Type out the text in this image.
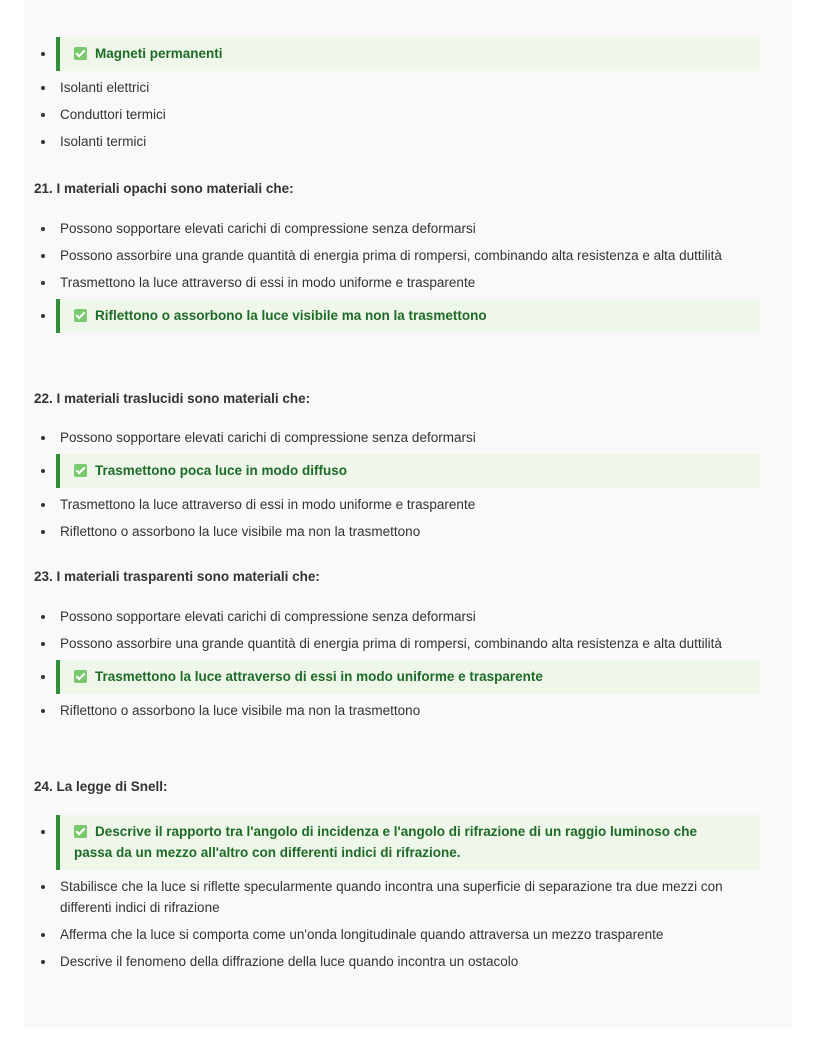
Magneti permanenti
Isolanti elettrici
Conduttori termici
Isolanti termici
21. I materiali opachi sono materiali che:
Possono sopportare elevati carichi di compressione senza deformarsi
Possono assorbire una grande quantità di energia prima di rompersi, combinando alta resistenza e alta duttilità
Trasmettono la luce attraverso di essi in modo uniforme e trasparente
Riflettono o assorbono la luce visibile ma non la trasmettono
22. I materiali traslucidi sono materiali che:
Possono sopportare elevati carichi di compressione senza deformarsi
Trasmettono poca luce in modo diffuso
Trasmettono la luce attraverso di essi in modo uniforme e trasparente
Riflettono o assorbono la luce visibile ma non la trasmettono
23. I materiali trasparenti sono materiali che:
Possono sopportare elevati carichi di compressione senza deformarsi
Possono assorbire una grande quantità di energia prima di rompersi, combinando alta resistenza e alta duttilità
Trasmettono la luce attraverso di essi in modo uniforme e trasparente
Riflettono o assorbono la luce visibile ma non la trasmettono
24. La legge di Snell:
Descrive il rapporto tra l'angolo di incidenza e l'angolo di rifrazione di un raggio luminoso che passa da un mezzo all'altro con differenti indici di rifrazione.
Stabilisce che la luce si riflette specularmente quando incontra una superficie di separazione tra due mezzi con differenti indici di rifrazione
Afferma che la luce si comporta come un'onda longitudinale quando attraversa un mezzo trasparente
Descrive il fenomeno della diffrazione della luce quando incontra un ostacolo
